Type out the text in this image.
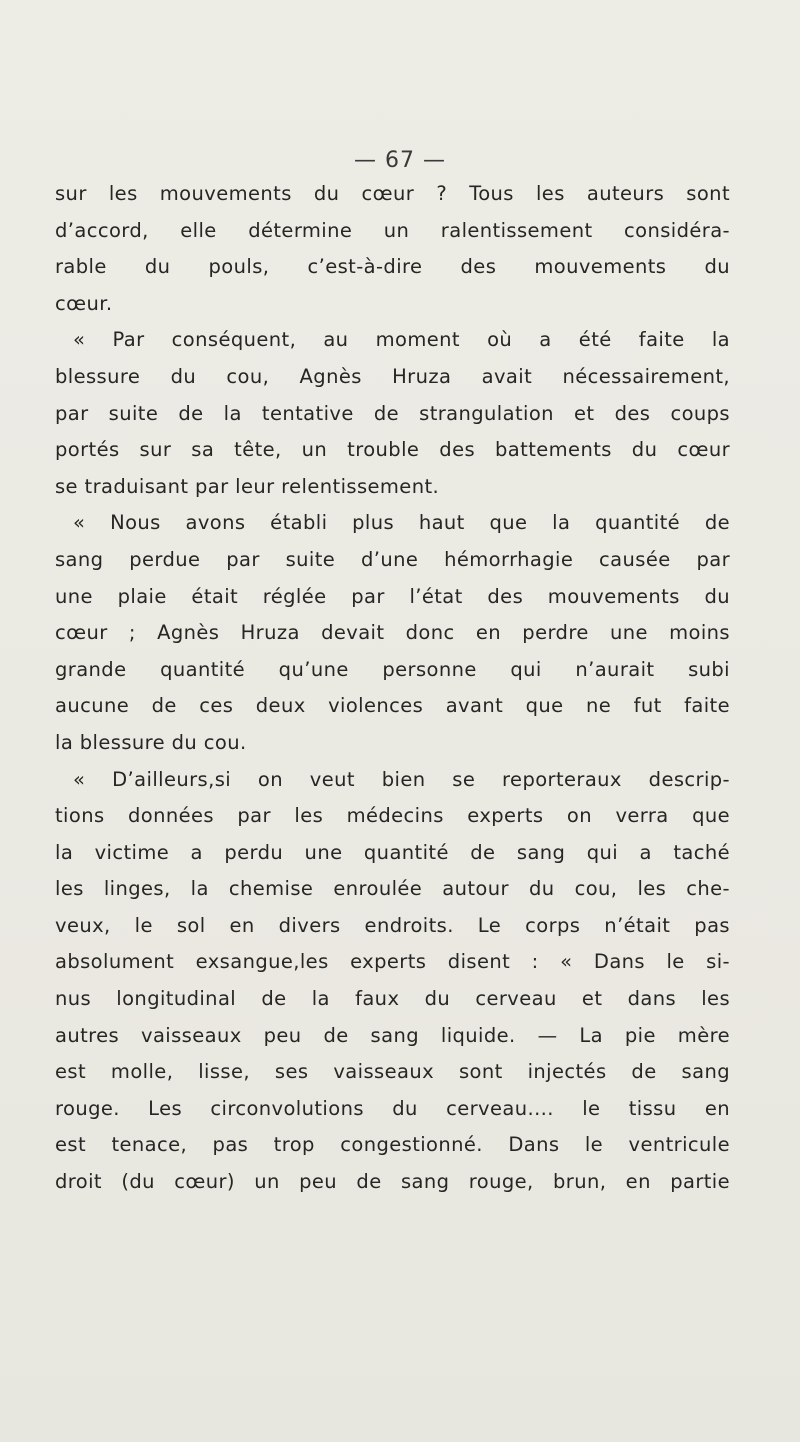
— 67 —
sur les mouvements du cœur ? Tous les auteurs sont
d’accord, elle détermine un ralentissement considéra-
rable du pouls, c’est-à-dire des mouvements du
cœur.
« Par conséquent, au moment où a été faite la
blessure du cou, Agnès Hruza avait nécessairement,
par suite de la tentative de strangulation et des coups
portés sur sa tête, un trouble des battements du cœur
se traduisant par leur relentissement.
« Nous avons établi plus haut que la quantité de
sang perdue par suite d’une hémorrhagie causée par
une plaie était réglée par l’état des mouvements du
cœur ; Agnès Hruza devait donc en perdre une moins
grande quantité qu’une personne qui n’aurait subi
aucune de ces deux violences avant que ne fut faite
la blessure du cou.
« D’ailleurs,si on veut bien se reporteraux descrip-
tions données par les médecins experts on verra que
la victime a perdu une quantité de sang qui a taché
les linges, la chemise enroulée autour du cou, les che-
veux, le sol en divers endroits. Le corps n’était pas
absolument exsangue,les experts disent : « Dans le si-
nus longitudinal de la faux du cerveau et dans les
autres vaisseaux peu de sang liquide. — La pie mère
est molle, lisse, ses vaisseaux sont injectés de sang
rouge. Les circonvolutions du cerveau.... le tissu en
est tenace, pas trop congestionné. Dans le ventricule
droit (du cœur) un peu de sang rouge, brun, en partie
